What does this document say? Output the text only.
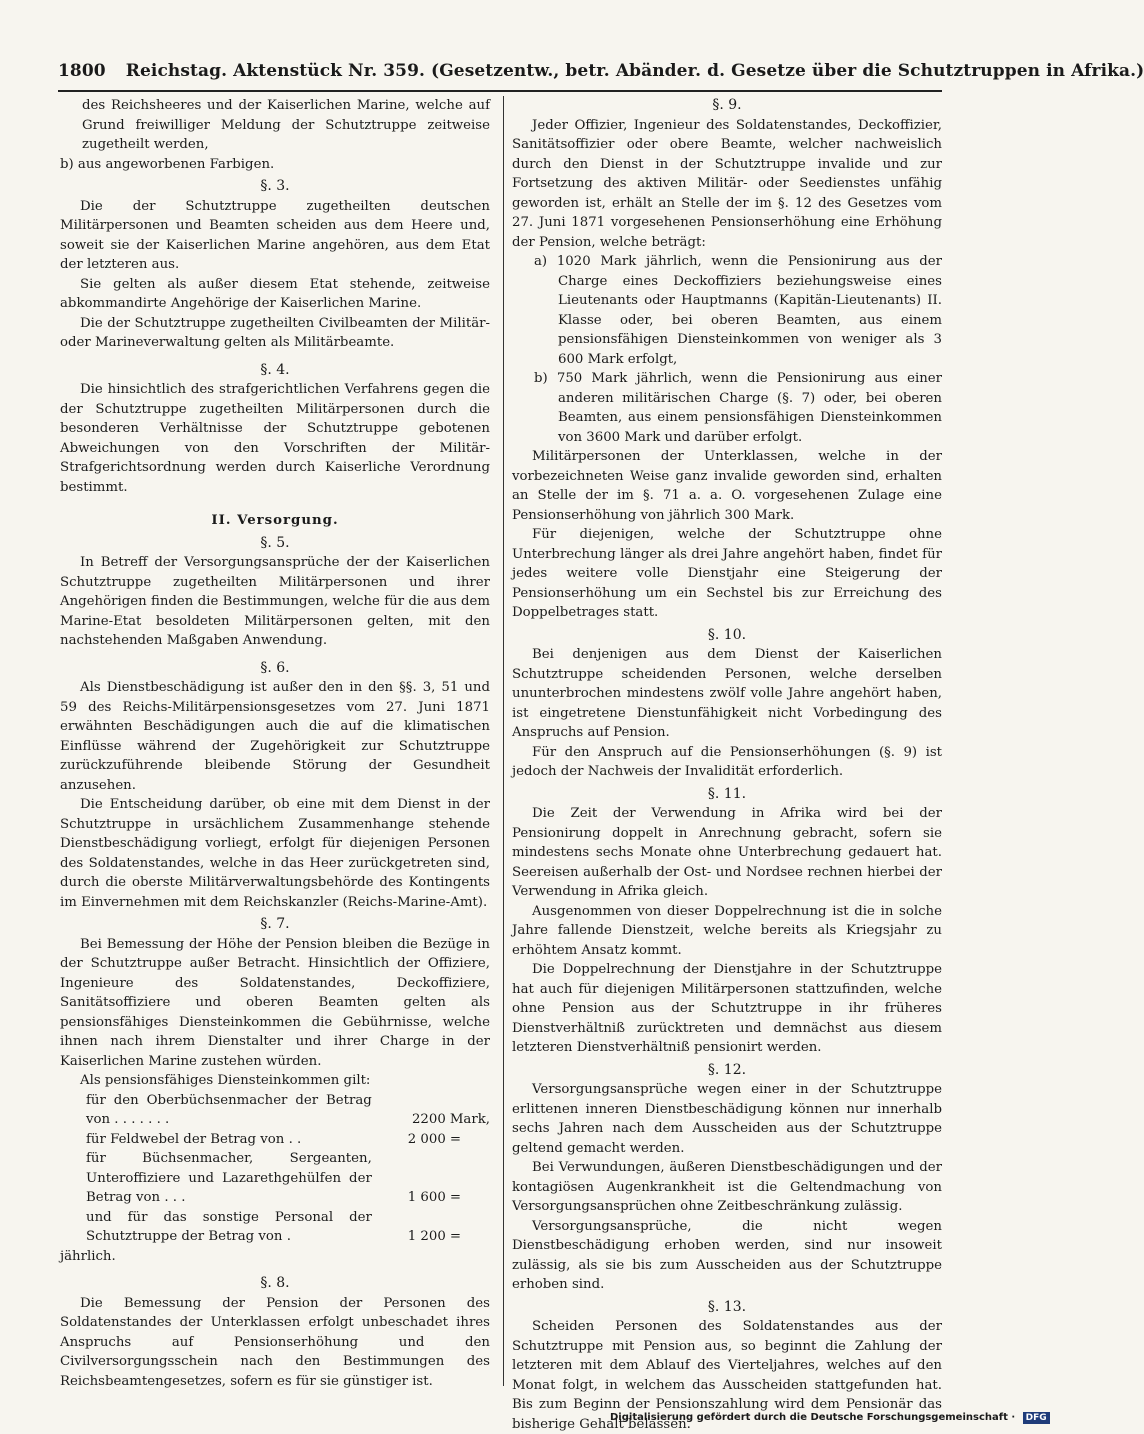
1800 Reichstag. Aktenstück Nr. 359. (Gesetzentw., betr. Abänder. d. Gesetze über die Schutztruppen in Afrika.)

des Reichsheeres und der Kaiserlichen Marine, welche auf Grund freiwilliger Meldung der Schutztruppe zeitweise zugetheilt werden,

b) aus angeworbenen Farbigen.

§. 3.

Die der Schutztruppe zugetheilten deutschen Militärpersonen und Beamten scheiden aus dem Heere und, soweit sie der Kaiserlichen Marine angehören, aus dem Etat der letzteren aus.

Sie gelten als außer diesem Etat stehende, zeitweise abkommandirte Angehörige der Kaiserlichen Marine.

Die der Schutztruppe zugetheilten Civilbeamten der Militär- oder Marineverwaltung gelten als Militärbeamte.

§. 4.

Die hinsichtlich des strafgerichtlichen Verfahrens gegen die der Schutztruppe zugetheilten Militärpersonen durch die besonderen Verhältnisse der Schutztruppe gebotenen Abweichungen von den Vorschriften der Militär-Strafgerichtsordnung werden durch Kaiserliche Verordnung bestimmt.

II. Versorgung.
§. 5.

In Betreff der Versorgungsansprüche der der Kaiserlichen Schutztruppe zugetheilten Militärpersonen und ihrer Angehörigen finden die Bestimmungen, welche für die aus dem Marine-Etat besoldeten Militärpersonen gelten, mit den nachstehenden Maßgaben Anwendung.

§. 6.

Als Dienstbeschädigung ist außer den in den §§. 3, 51 und 59 des Reichs-Militärpensionsgesetzes vom 27. Juni 1871 erwähnten Beschädigungen auch die auf die klimatischen Einflüsse während der Zugehörigkeit zur Schutztruppe zurückzuführende bleibende Störung der Gesundheit anzusehen.

Die Entscheidung darüber, ob eine mit dem Dienst in der Schutztruppe in ursächlichem Zusammenhange stehende Dienstbeschädigung vorliegt, erfolgt für diejenigen Personen des Soldatenstandes, welche in das Heer zurückgetreten sind, durch die oberste Militärverwaltungsbehörde des Kontingents im Einvernehmen mit dem Reichskanzler (Reichs-Marine-Amt).

§. 7.

Bei Bemessung der Höhe der Pension bleiben die Bezüge in der Schutztruppe außer Betracht. Hinsichtlich der Offiziere, Ingenieure des Soldatenstandes, Deckoffiziere, Sanitätsoffiziere und oberen Beamten gelten als pensionsfähiges Diensteinkommen die Gebührnisse, welche ihnen nach ihrem Dienstalter und ihrer Charge in der Kaiserlichen Marine zustehen würden.

Als pensionsfähiges Diensteinkommen gilt:

für den Oberbüchsenmacher der Betrag von . . . . . . .	2200	Mark,
für Feldwebel der Betrag von . .	2 000	=
für Büchsenmacher, Sergeanten, Unteroffiziere und Lazarethgehülfen der Betrag von . . .	1 600	=
und für das sonstige Personal der Schutztruppe der Betrag von .	1 200	=

jährlich.

§. 8.

Die Bemessung der Pension der Personen des Soldatenstandes der Unterklassen erfolgt unbeschadet ihres Anspruchs auf Pensionserhöhung und den Civilversorgungsschein nach den Bestimmungen des Reichsbeamtengesetzes, sofern es für sie günstiger ist.

§. 9.

Jeder Offizier, Ingenieur des Soldatenstandes, Deckoffizier, Sanitätsoffizier oder obere Beamte, welcher nachweislich durch den Dienst in der Schutztruppe invalide und zur Fortsetzung des aktiven Militär- oder Seedienstes unfähig geworden ist, erhält an Stelle der im §. 12 des Gesetzes vom 27. Juni 1871 vorgesehenen Pensionserhöhung eine Erhöhung der Pension, welche beträgt:

a) 1020 Mark jährlich, wenn die Pensionirung aus der Charge eines Deckoffiziers beziehungsweise eines Lieutenants oder Hauptmanns (Kapitän-Lieutenants) II. Klasse oder, bei oberen Beamten, aus einem pensionsfähigen Diensteinkommen von weniger als 3 600 Mark erfolgt,

b) 750 Mark jährlich, wenn die Pensionirung aus einer anderen militärischen Charge (§. 7) oder, bei oberen Beamten, aus einem pensionsfähigen Diensteinkommen von 3600 Mark und darüber erfolgt.

Militärpersonen der Unterklassen, welche in der vorbezeichneten Weise ganz invalide geworden sind, erhalten an Stelle der im §. 71 a. a. O. vorgesehenen Zulage eine Pensionserhöhung von jährlich 300 Mark.

Für diejenigen, welche der Schutztruppe ohne Unterbrechung länger als drei Jahre angehört haben, findet für jedes weitere volle Dienstjahr eine Steigerung der Pensionserhöhung um ein Sechstel bis zur Erreichung des Doppelbetrages statt.

§. 10.

Bei denjenigen aus dem Dienst der Kaiserlichen Schutztruppe scheidenden Personen, welche derselben ununterbrochen mindestens zwölf volle Jahre angehört haben, ist eingetretene Dienstunfähigkeit nicht Vorbedingung des Anspruchs auf Pension.

Für den Anspruch auf die Pensionserhöhungen (§. 9) ist jedoch der Nachweis der Invalidität erforderlich.

§. 11.

Die Zeit der Verwendung in Afrika wird bei der Pensionirung doppelt in Anrechnung gebracht, sofern sie mindestens sechs Monate ohne Unterbrechung gedauert hat. Seereisen außerhalb der Ost- und Nordsee rechnen hierbei der Verwendung in Afrika gleich.

Ausgenommen von dieser Doppelrechnung ist die in solche Jahre fallende Dienstzeit, welche bereits als Kriegsjahr zu erhöhtem Ansatz kommt.

Die Doppelrechnung der Dienstjahre in der Schutztruppe hat auch für diejenigen Militärpersonen stattzufinden, welche ohne Pension aus der Schutztruppe in ihr früheres Dienstverhältniß zurücktreten und demnächst aus diesem letzteren Dienstverhältniß pensionirt werden.

§. 12.

Versorgungsansprüche wegen einer in der Schutztruppe erlittenen inneren Dienstbeschädigung können nur innerhalb sechs Jahren nach dem Ausscheiden aus der Schutztruppe geltend gemacht werden.

Bei Verwundungen, äußeren Dienstbeschädigungen und der kontagiösen Augenkrankheit ist die Geltendmachung von Versorgungsansprüchen ohne Zeitbeschränkung zulässig.

Versorgungsansprüche, die nicht wegen Dienstbeschädigung erhoben werden, sind nur insoweit zulässig, als sie bis zum Ausscheiden aus der Schutztruppe erhoben sind.

§. 13.

Scheiden Personen des Soldatenstandes aus der Schutztruppe mit Pension aus, so beginnt die Zahlung der letzteren mit dem Ablauf des Vierteljahres, welches auf den Monat folgt, in welchem das Ausscheiden stattgefunden hat. Bis zum Beginn der Pensionszahlung wird dem Pensionär das bisherige Gehalt belassen.

Digitalisierung gefördert durch die Deutsche Forschungsgemeinschaft · DFG
